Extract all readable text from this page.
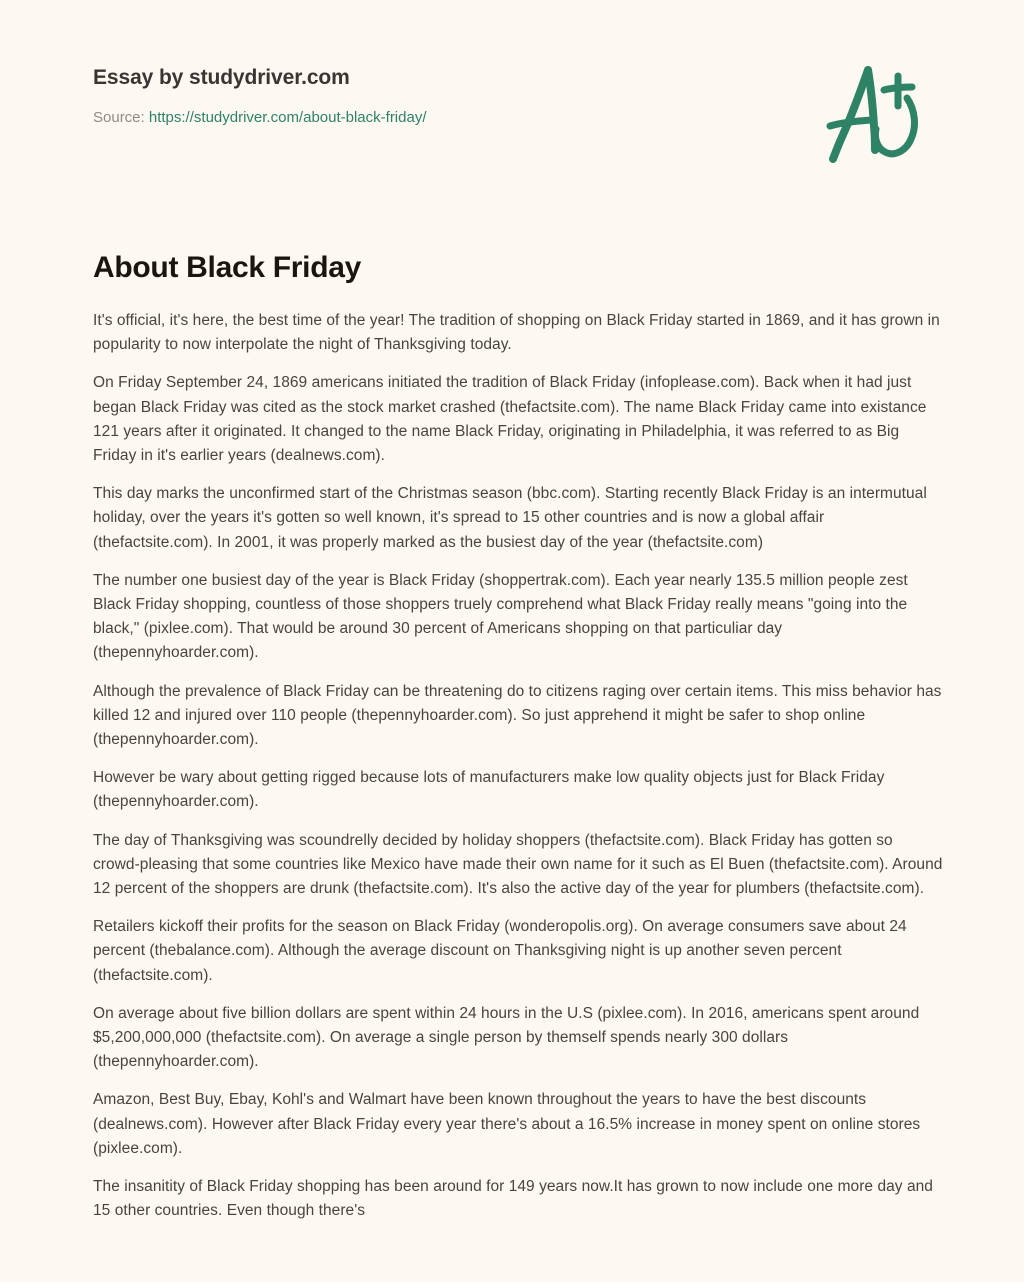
Essay by studydriver.com
Source: https://studydriver.com/about-black-friday/
About Black Friday

It's official, it's here, the best time of the year! The tradition of shopping on Black Friday started in 1869, and it has grown in popularity to now interpolate the night of Thanksgiving today.

On Friday September 24, 1869 americans initiated the tradition of Black Friday (infoplease.com). Back when it had just began Black Friday was cited as the stock market crashed (thefactsite.com). The name Black Friday came into existance 121 years after it originated. It changed to the name Black Friday, originating in Philadelphia, it was referred to as Big Friday in it's earlier years (dealnews.com).

This day marks the unconfirmed start of the Christmas season (bbc.com). Starting recently Black Friday is an intermutual holiday, over the years it's gotten so well known, it's spread to 15 other countries and is now a global affair (thefactsite.com). In 2001, it was properly marked as the busiest day of the year (thefactsite.com)

The number one busiest day of the year is Black Friday (shoppertrak.com). Each year nearly 135.5 million people zest Black Friday shopping, countless of those shoppers truely comprehend what Black Friday really means "going into the black," (pixlee.com). That would be around 30 percent of Americans shopping on that particuliar day (thepennyhoarder.com).

Although the prevalence of Black Friday can be threatening do to citizens raging over certain items. This miss behavior has killed 12 and injured over 110 people (thepennyhoarder.com). So just apprehend it might be safer to shop online (thepennyhoarder.com).

However be wary about getting rigged because lots of manufacturers make low quality objects just for Black Friday (thepennyhoarder.com).

The day of Thanksgiving was scoundrelly decided by holiday shoppers (thefactsite.com). Black Friday has gotten so crowd-pleasing that some countries like Mexico have made their own name for it such as El Buen (thefactsite.com). Around 12 percent of the shoppers are drunk (thefactsite.com). It's also the active day of the year for plumbers (thefactsite.com).

Retailers kickoff their profits for the season on Black Friday (wonderopolis.org). On average consumers save about 24 percent (thebalance.com). Although the average discount on Thanksgiving night is up another seven percent (thefactsite.com).

On average about five billion dollars are spent within 24 hours in the U.S (pixlee.com). In 2016, americans spent around $5,200,000,000 (thefactsite.com). On average a single person by themself spends nearly 300 dollars (thepennyhoarder.com).

Amazon, Best Buy, Ebay, Kohl's and Walmart have been known throughout the years to have the best discounts (dealnews.com). However after Black Friday every year there's about a 16.5% increase in money spent on online stores (pixlee.com).

The insanitity of Black Friday shopping has been around for 149 years now.It has grown to now include one more day and 15 other countries. Even though there's
